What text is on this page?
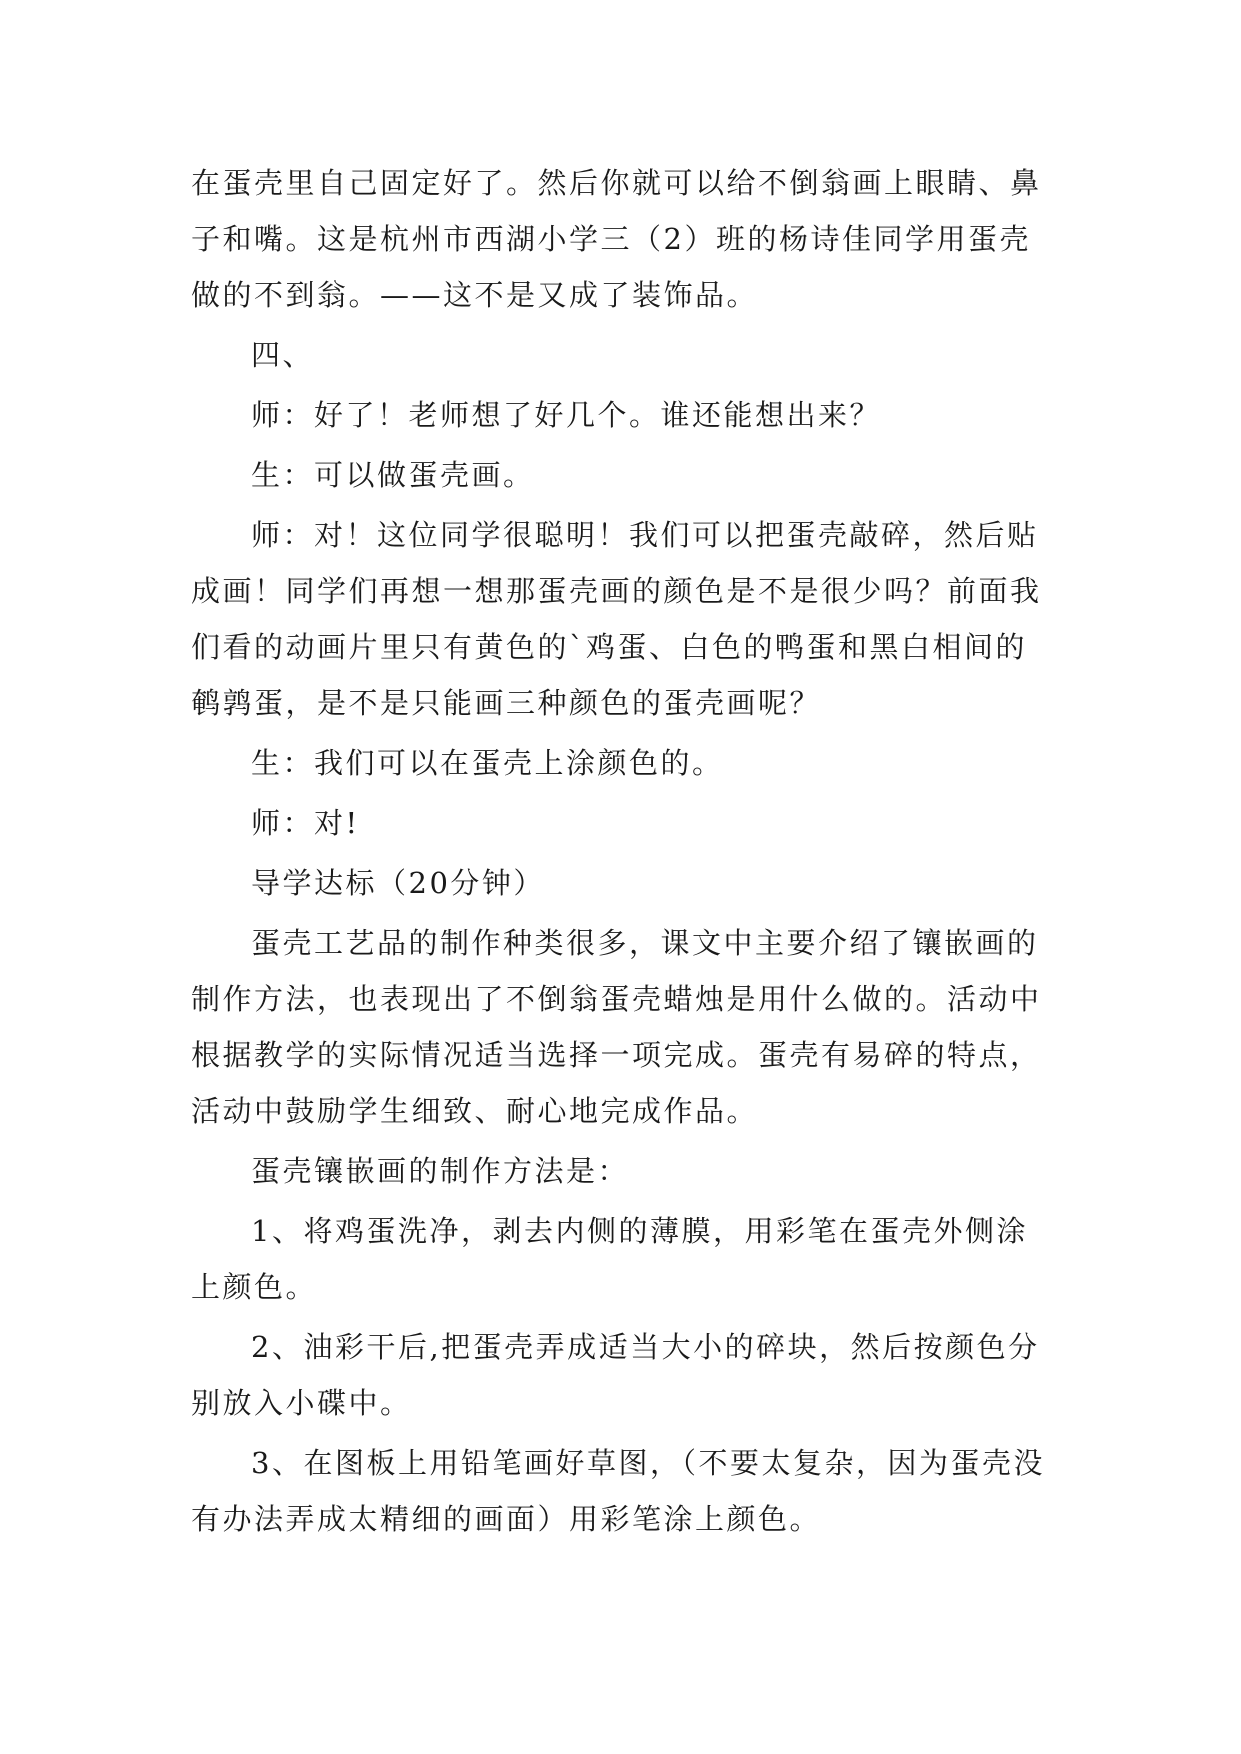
在蛋壳里自己固定好了。然后你就可以给不倒翁画上眼睛、鼻子和嘴。这是杭州市西湖小学三（2）班的杨诗佳同学用蛋壳做的不到翁。——这不是又成了装饰品。

四、

师：好了！老师想了好几个。谁还能想出来？

生：可以做蛋壳画。

师：对！这位同学很聪明！我们可以把蛋壳敲碎，然后贴成画！同学们再想一想那蛋壳画的颜色是不是很少吗？前面我们看的动画片里只有黄色的`鸡蛋、白色的鸭蛋和黑白相间的鹌鹑蛋，是不是只能画三种颜色的蛋壳画呢？

生：我们可以在蛋壳上涂颜色的。

师：对!

导学达标（20分钟）

蛋壳工艺品的制作种类很多，课文中主要介绍了镶嵌画的制作方法，也表现出了不倒翁蛋壳蜡烛是用什么做的。活动中根据教学的实际情况适当选择一项完成。蛋壳有易碎的特点，活动中鼓励学生细致、耐心地完成作品。

蛋壳镶嵌画的制作方法是：

1、将鸡蛋洗净，剥去内侧的薄膜，用彩笔在蛋壳外侧涂上颜色。

2、油彩干后,把蛋壳弄成适当大小的碎块，然后按颜色分别放入小碟中。

3、在图板上用铅笔画好草图，（不要太复杂，因为蛋壳没有办法弄成太精细的画面）用彩笔涂上颜色。
